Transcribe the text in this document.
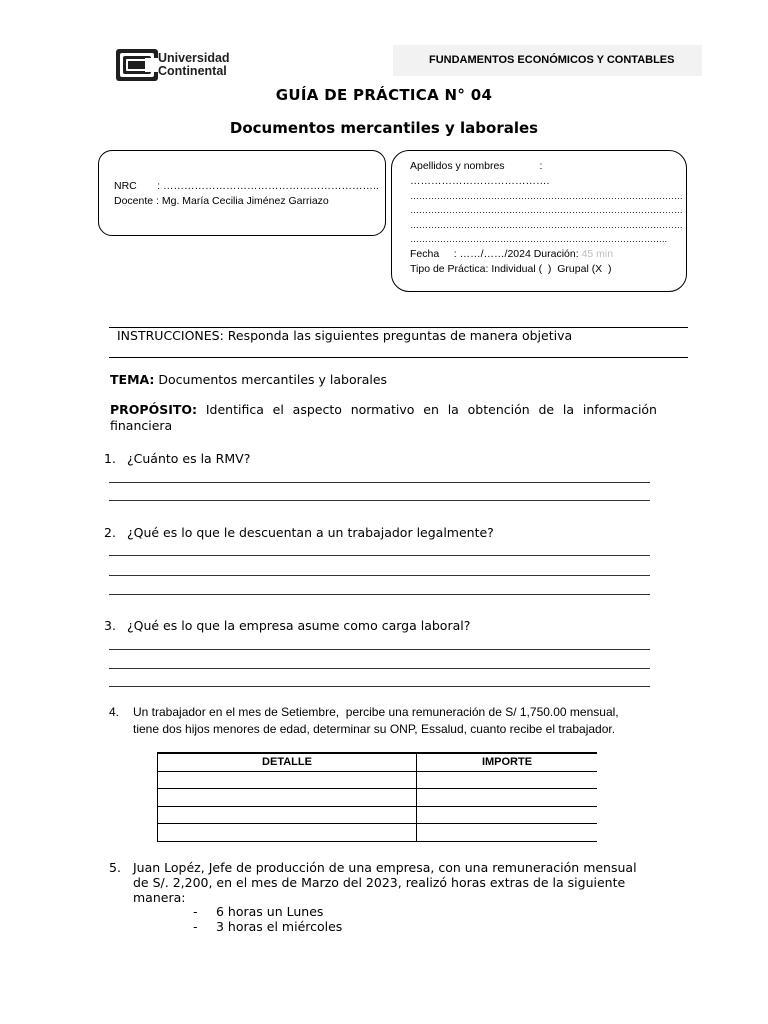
Universidad
Continental
FUNDAMENTOS ECONÓMICOS Y CONTABLES
GUÍA DE PRÁCTICA N° 04
Documentos mercantiles y laborales
NRC       : ……………………………………………………..
Docente : Mg. María Cecilia Jiménez Garriazo
Apellidos y nombres            :
………………………………….
……………………………………………………………………………….
……………………………………………………………………………….
……………………………………………………………………………….
…………………………………………………………………………..
Fecha     : ……/……/2024 Duración: 45 min
Tipo de Práctica: Individual (  )  Grupal (X  )
INSTRUCCIONES: Responda las siguientes preguntas de manera objetiva
TEMA: Documentos mercantiles y laborales
PROPÓSITO: Identifica el aspecto normativo en la obtención de la información financiera
1. ¿Cuánto es la RMV?
2. ¿Qué es lo que le descuentan a un trabajador legalmente?
3. ¿Qué es lo que la empresa asume como carga laboral?
4. Un trabajador en el mes de Setiembre,  percibe una remuneración de S/ 1,750.00 mensual,
tiene dos hijos menores de edad, determinar su ONP, Essalud, cuanto recibe el trabajador.
DETALLE	IMPORTE

5. Juan Lopéz, Jefe de producción de una empresa, con una remuneración mensual
de S/. 2,200, en el mes de Marzo del 2023, realizó horas extras de la siguiente
manera:
- 6 horas un Lunes
- 3 horas el miércoles
